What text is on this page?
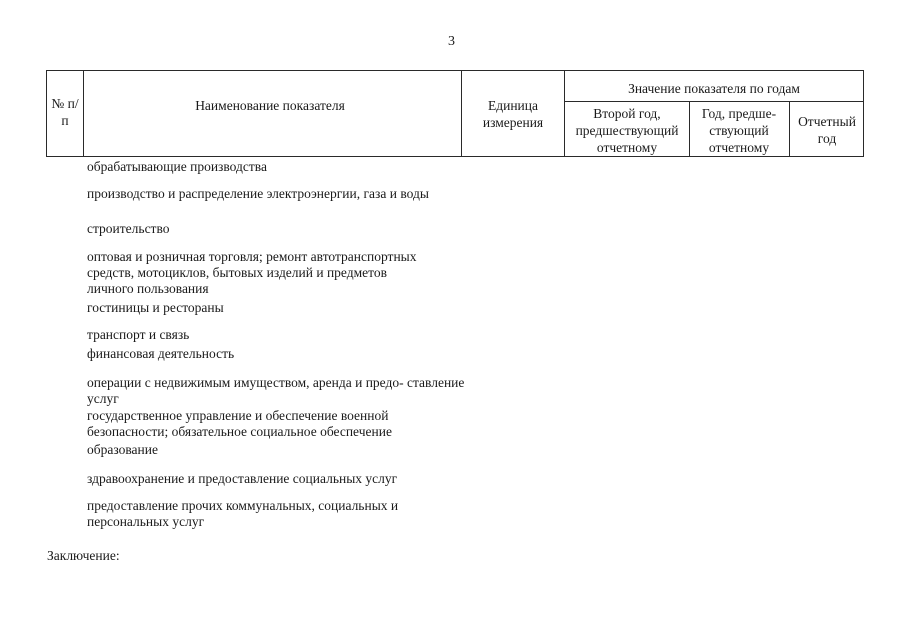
3
№ п/п
Наименование показателя	Единица измерения
Значение показателя по годам
Второй год, предшествующий отчетному
Год, предше- ствующий отчетному
Отчетный год
обрабатывающие производства
производство и распределение электроэнергии, газа и воды
строительство
оптовая и розничная торговля; ремонт автотранспортных средств, мотоциклов, бытовых изделий и предметов личного пользования
гостиницы и рестораны
транспорт и связь
финансовая деятельность
операции с недвижимым имуществом, аренда и предо- ставление услуг
государственное управление и обеспечение военной безопасности; обязательное социальное обеспечение
образование
здравоохранение и предоставление социальных услуг
предоставление прочих коммунальных, социальных и персональных услуг
Заключение:
